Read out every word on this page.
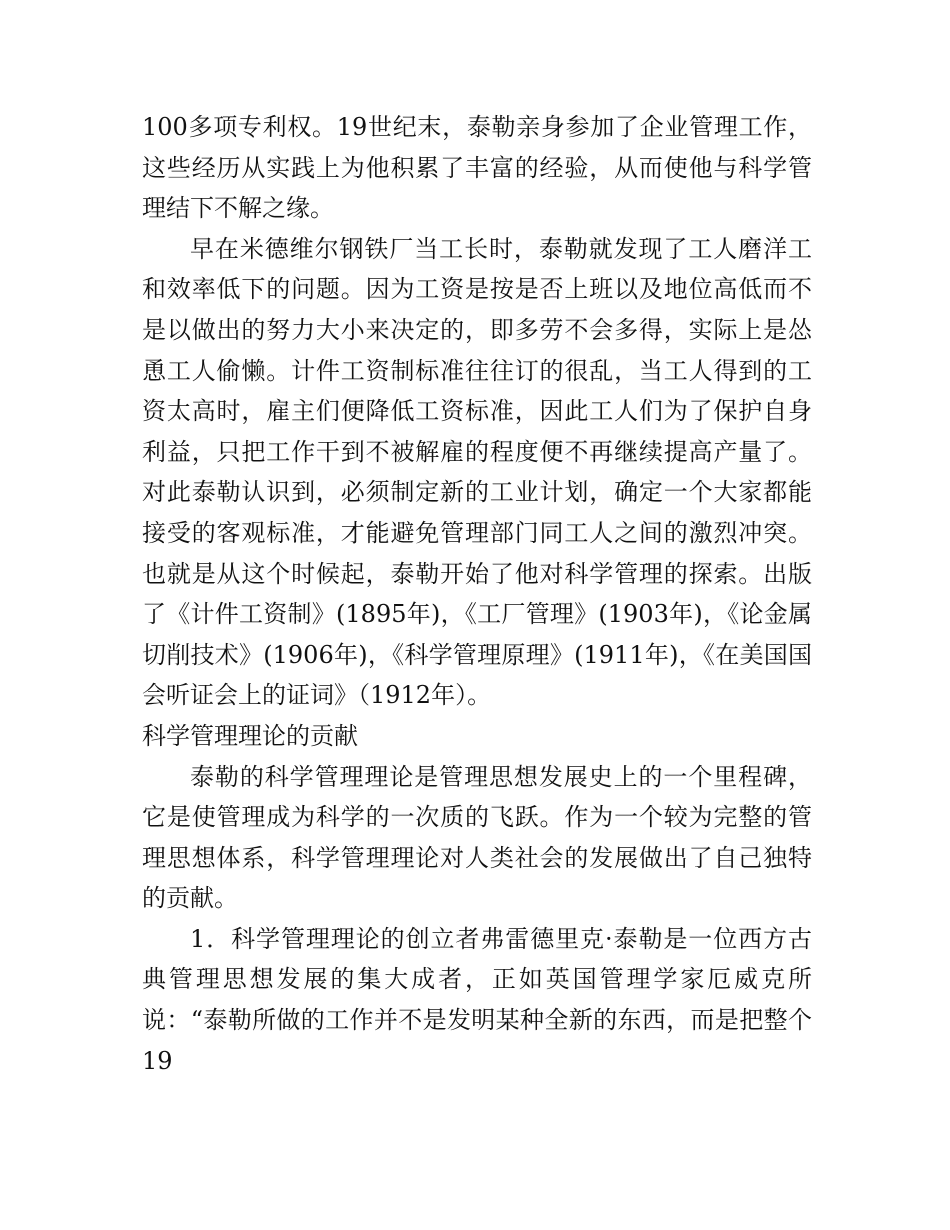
100多项专利权。19世纪末，泰勒亲身参加了企业管理工作，这些经历从实践上为他积累了丰富的经验，从而使他与科学管理结下不解之缘。

早在米德维尔钢铁厂当工长时，泰勒就发现了工人磨洋工和效率低下的问题。因为工资是按是否上班以及地位高低而不是以做出的努力大小来决定的，即多劳不会多得，实际上是怂恿工人偷懒。计件工资制标准往往订的很乱，当工人得到的工资太高时，雇主们便降低工资标准，因此工人们为了保护自身利益，只把工作干到不被解雇的程度便不再继续提高产量了。对此泰勒认识到，必须制定新的工业计划，确定一个大家都能接受的客观标准，才能避免管理部门同工人之间的激烈冲突。也就是从这个时候起，泰勒开始了他对科学管理的探索。出版了《计件工资制》(1895年)，《工厂管理》(1903年)，《论金属切削技术》(1906年)，《科学管理原理》(1911年)，《在美国国会听证会上的证词》（1912年）。

科学管理理论的贡献

泰勒的科学管理理论是管理思想发展史上的一个里程碑，它是使管理成为科学的一次质的飞跃。作为一个较为完整的管理思想体系，科学管理理论对人类社会的发展做出了自己独特的贡献。

1．科学管理理论的创立者弗雷德里克·泰勒是一位西方古典管理思想发展的集大成者，正如英国管理学家厄威克所说：“泰勒所做的工作并不是发明某种全新的东西，而是把整个19
